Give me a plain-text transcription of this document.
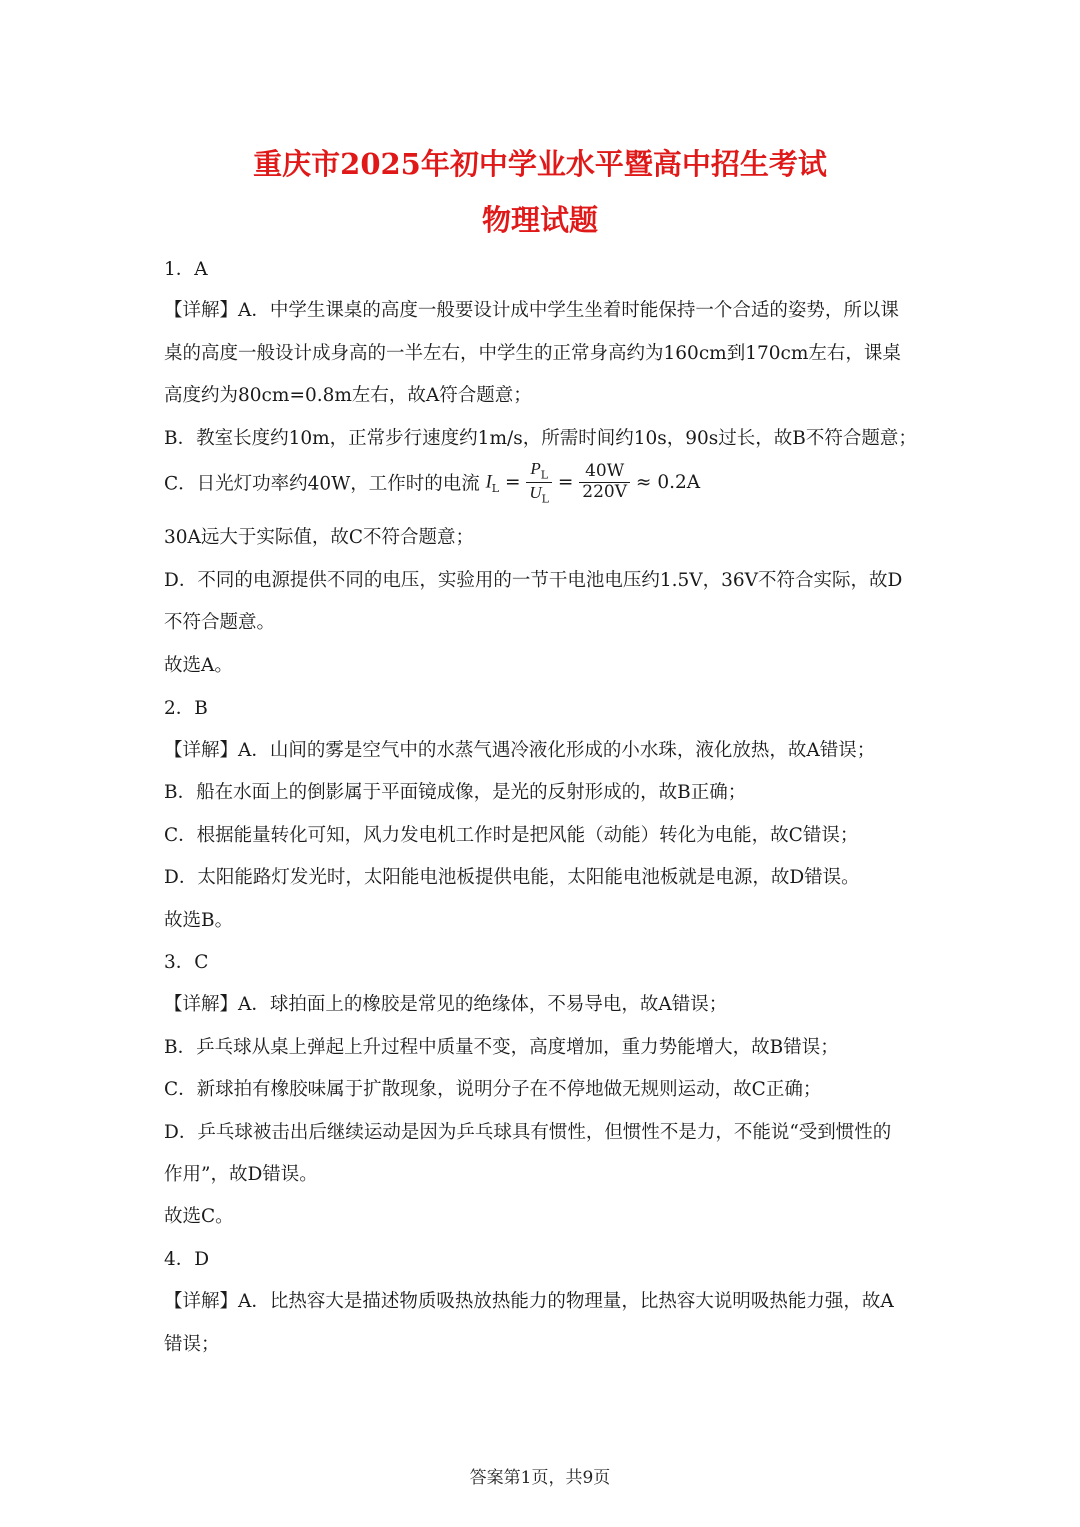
重庆市2025年初中学业水平暨高中招生考试
物理试题

1．A

【详解】A．中学生课桌的高度一般要设计成中学生坐着时能保持一个合适的姿势，所以课

桌的高度一般设计成身高的一半左右，中学生的正常身高约为160cm到170cm左右，课桌

高度约为80cm=0.8m左右，故A符合题意；

B．教室长度约10m，正常步行速度约1m/s，所需时间约10s，90s过长，故B不符合题意；

C．日光灯功率约40W，工作时的电流 $I_L = \frac{P_L}{U_L} = \frac{40W}{220V} \approx 0.2A$

30A远大于实际值，故C不符合题意；

D．不同的电源提供不同的电压，实验用的一节干电池电压约1.5V，36V不符合实际，故D

不符合题意。

故选A。

2．B

【详解】A．山间的雾是空气中的水蒸气遇冷液化形成的小水珠，液化放热，故A错误；

B．船在水面上的倒影属于平面镜成像，是光的反射形成的，故B正确；

C．根据能量转化可知，风力发电机工作时是把风能（动能）转化为电能，故C错误；

D．太阳能路灯发光时，太阳能电池板提供电能，太阳能电池板就是电源，故D错误。

故选B。

3．C

【详解】A．球拍面上的橡胶是常见的绝缘体，不易导电，故A错误；

B．乒乓球从桌上弹起上升过程中质量不变，高度增加，重力势能增大，故B错误；

C．新球拍有橡胶味属于扩散现象，说明分子在不停地做无规则运动，故C正确；

D．乒乓球被击出后继续运动是因为乒乓球具有惯性，但惯性不是力，不能说“受到惯性的

作用”，故D错误。

故选C。

4．D

【详解】A．比热容大是描述物质吸热放热能力的物理量，比热容大说明吸热能力强，故A

错误；

答案第1页，共9页
